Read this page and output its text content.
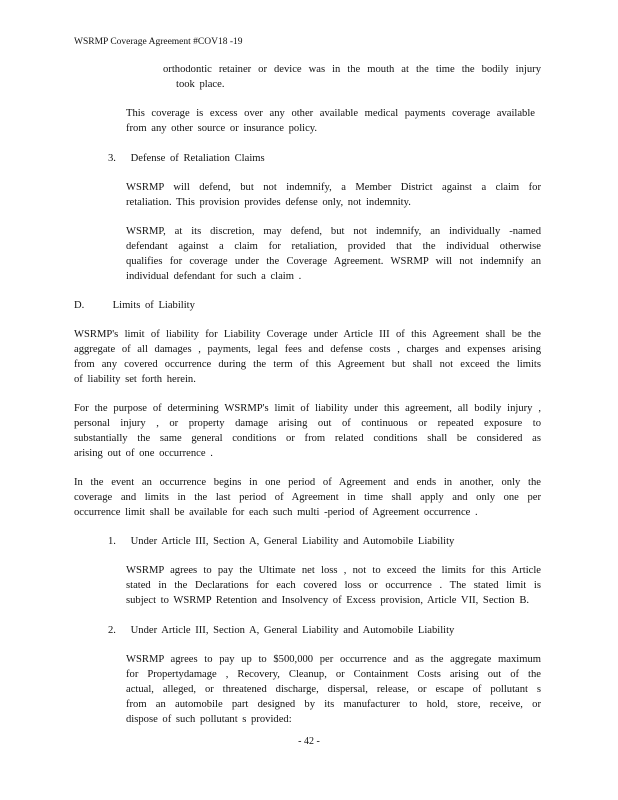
WSRMP Coverage Agreement #COV18 -19
orthodontic retainer or device was in the mouth at the time the bodily injury
took place.
This coverage is excess over any other available medical payments coverage available
from any other source or insurance policy.
3. Defense of Retaliation Claims
WSRMP will defend, but not indemnify, a Member District against a claim for
retaliation. This provision provides defense only, not indemnity.
WSRMP, at its discretion, may defend, but not indemnify, an individually -named
defendant against a claim for retaliation, provided that the individual otherwise
qualifies for coverage under the Coverage Agreement. WSRMP will not indemnify an
individual defendant for such a claim .
D.	Limits of Liability
WSRMP's limit of liability for Liability Coverage under Article III of this Agreement shall be the
aggregate of all damages , payments, legal fees and defense costs , charges and expenses arising
from any covered occurrence during the term of this Agreement but shall not exceed the limits
of liability set forth herein.
For the purpose of determining WSRMP's limit of liability under this agreement, all bodily injury ,
personal injury , or property damage arising out of continuous or repeated exposure to
substantially the same general conditions or from related conditions shall be considered as
arising out of one occurrence .
In the event an occurrence begins in one period of Agreement and ends in another, only the
coverage and limits in the last period of Agreement in time shall apply and only one per
occurrence limit shall be available for each such multi -period of Agreement occurrence .
1. Under Article III, Section A, General Liability and Automobile Liability
WSRMP agrees to pay the Ultimate net loss , not to exceed the limits for this Article
stated in the Declarations for each covered loss or occurrence . The stated limit is
subject to WSRMP Retention and Insolvency of Excess provision, Article VII, Section B.
2. Under Article III, Section A, General Liability and Automobile Liability
WSRMP agrees to pay up to $500,000 per occurrence and as the aggregate maximum
for Propertydamage , Recovery, Cleanup, or Containment Costs arising out of the
actual, alleged, or threatened discharge, dispersal, release, or escape of pollutant s
from an automobile part designed by its manufacturer to hold, store, receive, or
dispose of such pollutant s provided:
- 42 -
